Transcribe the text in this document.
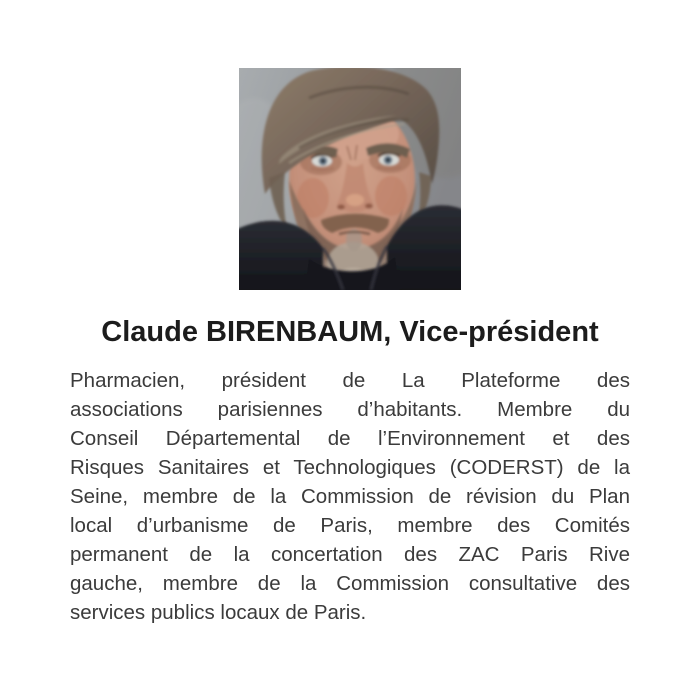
Claude BIRENBAUM, Vice-président
Pharmacien, président de La Plateforme des
associations parisiennes d’habitants. Membre du
Conseil Départemental de l’Environnement et des
Risques Sanitaires et Technologiques (CODERST) de la
Seine, membre de la Commission de révision du Plan
local d’urbanisme de Paris, membre des Comités
permanent de la concertation des ZAC Paris Rive
gauche, membre de la Commission consultative des
services publics locaux de Paris.
